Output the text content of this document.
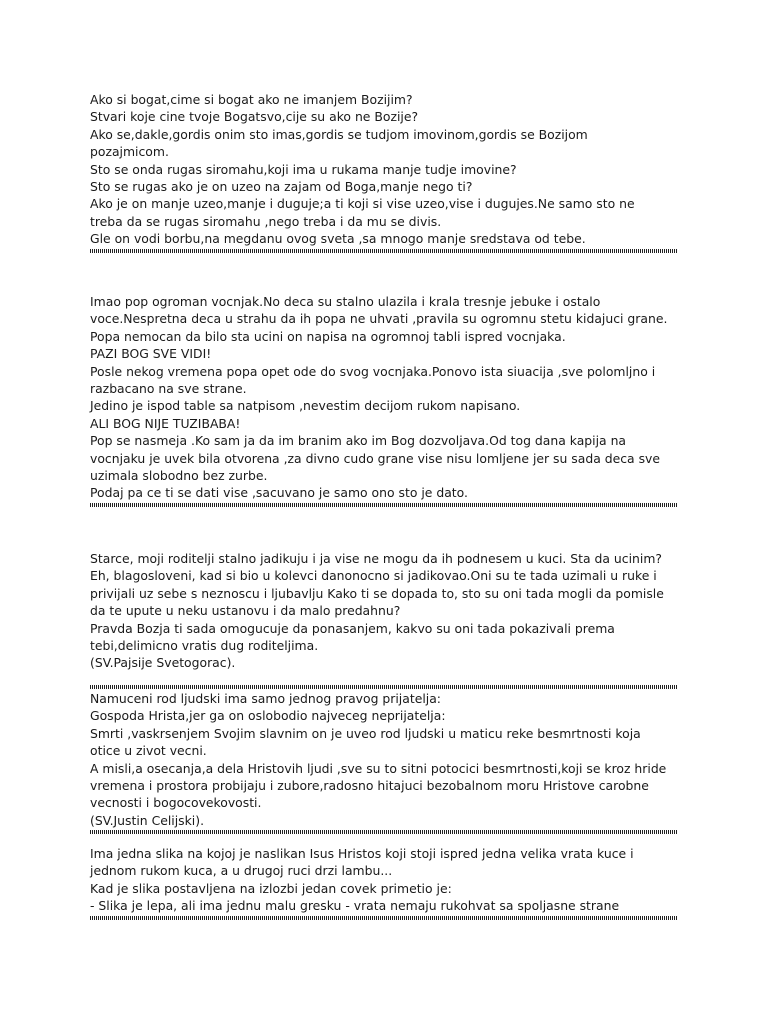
Ako si bogat,cime si bogat ako ne imanjem Bozijim?
Stvari koje cine tvoje Bogatsvo,cije su ako ne Bozije?
Ako se,dakle,gordis onim sto imas,gordis se tudjom imovinom,gordis se Bozijom
pozajmicom.
Sto se onda rugas siromahu,koji ima u rukama manje tudje imovine?
Sto se rugas ako je on uzeo na zajam od Boga,manje nego ti?
Ako je on manje uzeo,manje i duguje;a ti koji si vise uzeo,vise i dugujes.Ne samo sto ne
treba da se rugas siromahu ,nego treba i da mu se divis.
Gle on vodi borbu,na megdanu ovog sveta ,sa mnogo manje sredstava od tebe.
Imao pop ogroman vocnjak.No deca su stalno ulazila i krala tresnje jebuke i ostalo
voce.Nespretna deca u strahu da ih popa ne uhvati ,pravila su ogromnu stetu kidajuci grane.
Popa nemocan da bilo sta ucini on napisa na ogromnoj tabli ispred vocnjaka.
PAZI BOG SVE VIDI!
Posle nekog vremena popa opet ode do svog vocnjaka.Ponovo ista siuacija ,sve polomljno i
razbacano na sve strane.
Jedino je ispod table sa natpisom ,nevestim decijom rukom napisano.
ALI BOG NIJE TUZIBABA!
Pop se nasmeja .Ko sam ja da im branim ako im Bog dozvoljava.Od tog dana kapija na
vocnjaku je uvek bila otvorena ,za divno cudo grane vise nisu lomljene jer su sada deca sve
uzimala slobodno bez zurbe.
Podaj pa ce ti se dati vise ,sacuvano je samo ono sto je dato.
Starce, moji roditelji stalno jadikuju i ja vise ne mogu da ih podnesem u kuci. Sta da ucinim?
Eh, blagosloveni, kad si bio u kolevci danonocno si jadikovao.Oni su te tada uzimali u ruke i
privijali uz sebe s neznoscu i ljubavlju Kako ti se dopada to, sto su oni tada mogli da pomisle
da te upute u neku ustanovu i da malo predahnu?
Pravda Bozja ti sada omogucuje da ponasanjem, kakvo su oni tada pokazivali prema
tebi,delimicno vratis dug roditeljima.
(SV.Pajsije Svetogorac).
Namuceni rod ljudski ima samo jednog pravog prijatelja:
Gospoda Hrista,jer ga on oslobodio najveceg neprijatelja:
Smrti ,vaskrsenjem Svojim slavnim on je uveo rod ljudski u maticu reke besmrtnosti koja
otice u zivot vecni.
A misli,a osecanja,a dela Hristovih ljudi ,sve su to sitni potocici besmrtnosti,koji se kroz hride
vremena i prostora probijaju i zubore,radosno hitajuci bezobalnom moru Hristove carobne
vecnosti i bogocovekovosti.
(SV.Justin Celijski).
Ima jedna slika na kojoj je naslikan Isus Hristos koji stoji ispred jedna velika vrata kuce i
jednom rukom kuca, a u drugoj ruci drzi lambu...
Kad je slika postavljena na izlozbi jedan covek primetio je:
- Slika je lepa, ali ima jednu malu gresku - vrata nemaju rukohvat sa spoljasne strane
